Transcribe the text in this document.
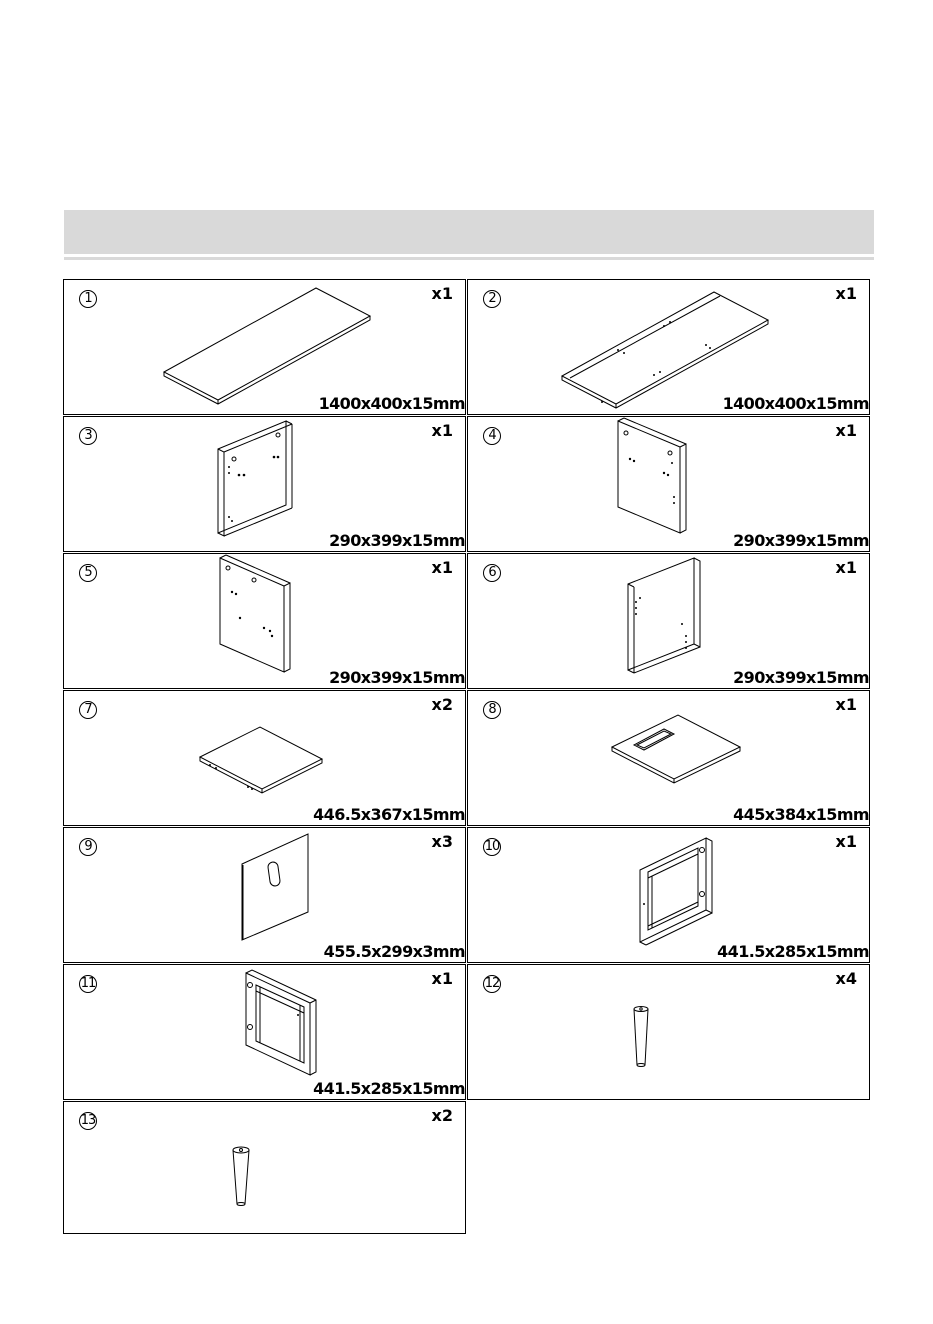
1	x1
1400x400x15mm
2	x1
1400x400x15mm
3	x1
290x399x15mm
4	x1
290x399x15mm
5	x1
290x399x15mm
6	x1
290x399x15mm
7	x2
446.5x367x15mm
8	x1
445x384x15mm
9	x3
455.5x299x3mm
10	x1
441.5x285x15mm
11	x1
441.5x285x15mm
12	x4
13	x2
